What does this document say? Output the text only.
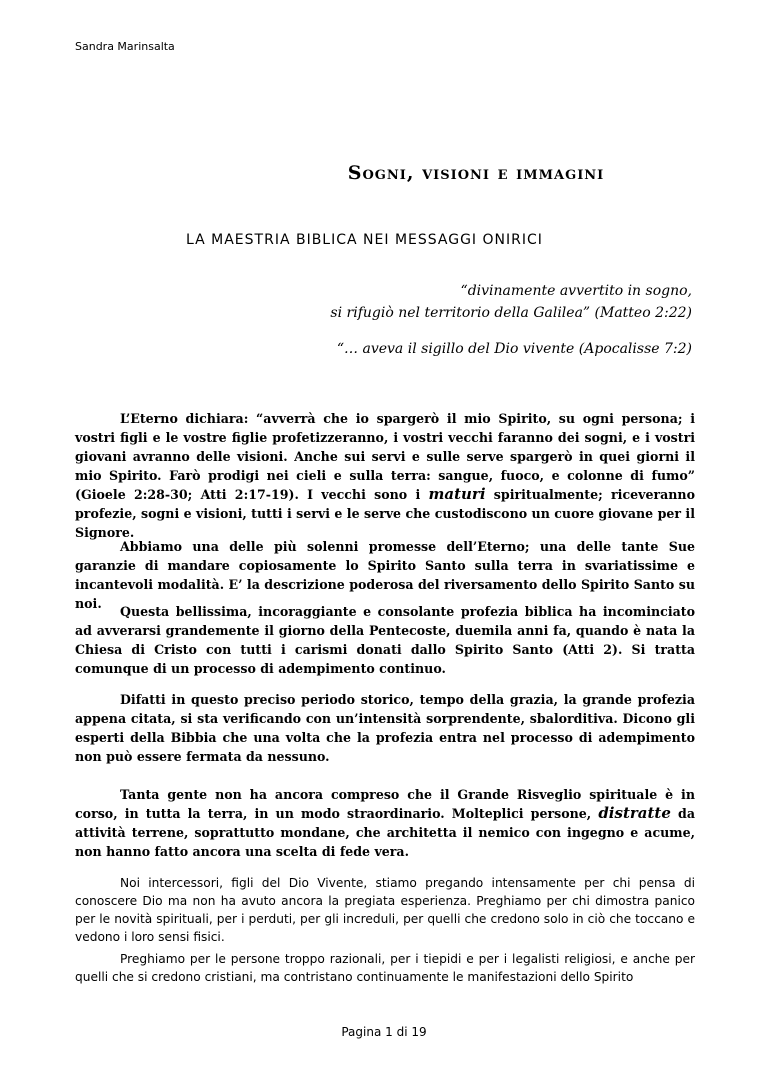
Sandra Marinsalta
Sogni, visioni e immagini
LA MAESTRIA BIBLICA NEI MESSAGGI ONIRICI
“divinamente avvertito in sogno,
si rifugiò nel territorio della Galilea” (Matteo 2:22)
“… aveva il sigillo del Dio vivente (Apocalisse 7:2)

L’Eterno dichiara: “avverrà che io spargerò il mio Spirito, su ogni persona; i vostri figli e le vostre figlie profetizzeranno, i vostri vecchi faranno dei sogni, e i vostri giovani avranno delle visioni. Anche sui servi e sulle serve spargerò in quei giorni il mio Spirito. Farò prodigi nei cieli e sulla terra: sangue, fuoco, e colonne di fumo” (Gioele 2:28-30; Atti 2:17-19). I vecchi sono i maturi spiritualmente; riceveranno profezie, sogni e visioni, tutti i servi e le serve che custodiscono un cuore giovane per il Signore.

Abbiamo una delle più solenni promesse dell’Eterno; una delle tante Sue garanzie di mandare copiosamente lo Spirito Santo sulla terra in svariatissime e incantevoli modalità. E’ la descrizione poderosa del riversamento dello Spirito Santo su noi.

Questa bellissima, incoraggiante e consolante profezia biblica ha incominciato ad avverarsi grandemente il giorno della Pentecoste, duemila anni fa, quando è nata la Chiesa di Cristo con tutti i carismi donati dallo Spirito Santo (Atti 2). Si tratta comunque di un processo di adempimento continuo.

Difatti in questo preciso periodo storico, tempo della grazia, la grande profezia appena citata, si sta verificando con un’intensità sorprendente, sbalorditiva. Dicono gli esperti della Bibbia che una volta che la profezia entra nel processo di adempimento non può essere fermata da nessuno.

Tanta gente non ha ancora compreso che il Grande Risveglio spirituale è in corso, in tutta la terra, in un modo straordinario. Molteplici persone, distratte da attività terrene, soprattutto mondane, che architetta il nemico con ingegno e acume, non hanno fatto ancora una scelta di fede vera.

Noi intercessori, figli del Dio Vivente, stiamo pregando intensamente per chi pensa di conoscere Dio ma non ha avuto ancora la pregiata esperienza. Preghiamo per chi dimostra panico per le novità spirituali, per i perduti, per gli increduli, per quelli che credono solo in ciò che toccano e vedono i loro sensi fisici.

Preghiamo per le persone troppo razionali, per i tiepidi e per i legalisti religiosi, e anche per quelli che si credono cristiani, ma contristano continuamente le manifestazioni dello Spirito

Pagina 1 di 19
